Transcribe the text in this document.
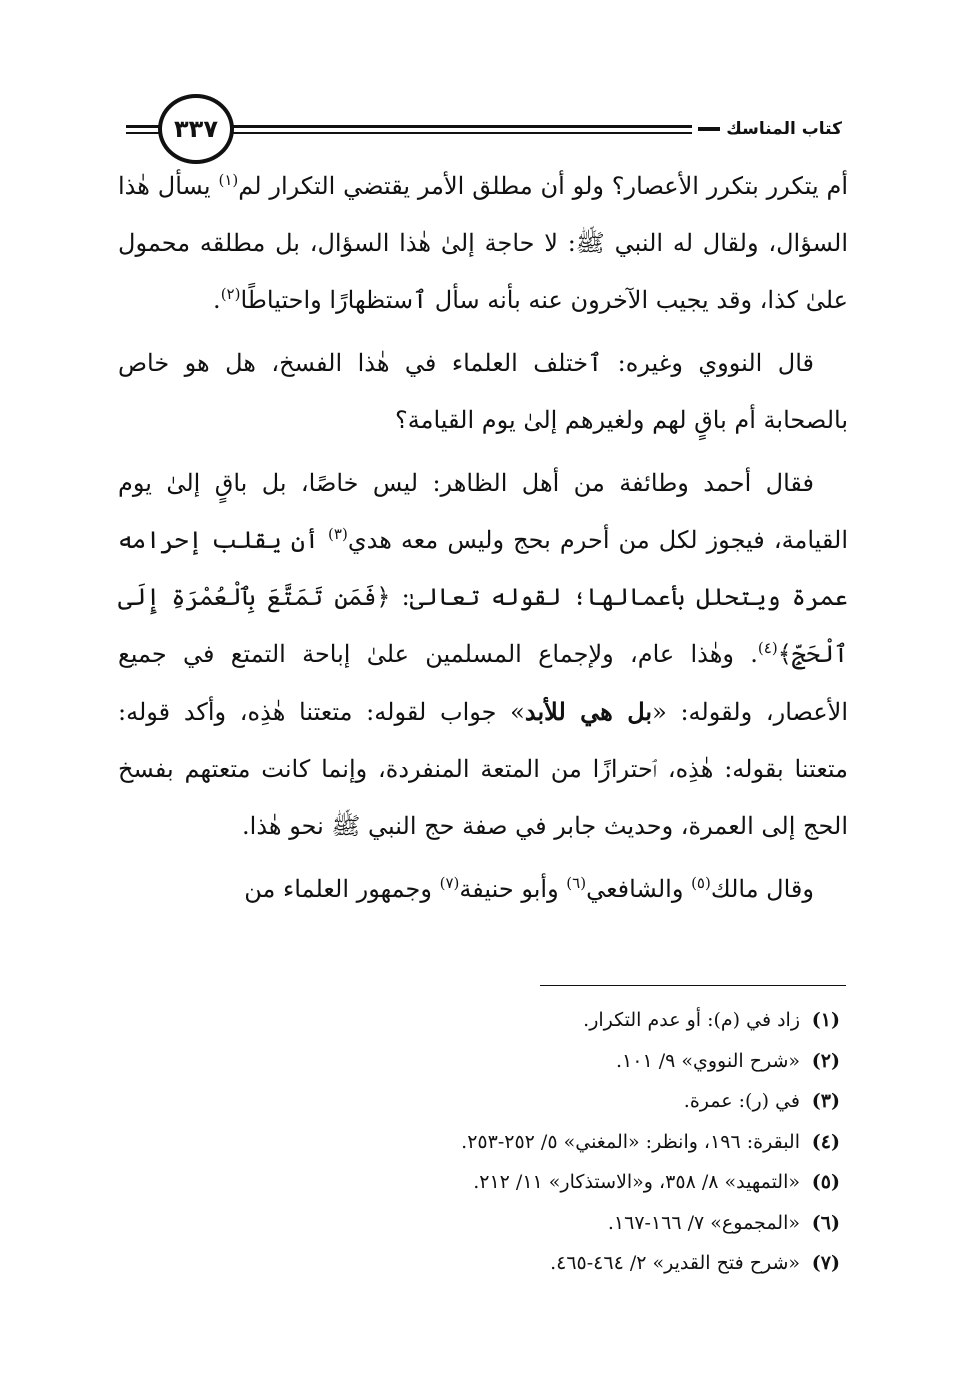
٣٣٧	كتاب المناسك

أم يتكرر بتكرر الأعصار؟ ولو أن مطلق الأمر يقتضي التكرار لم$^{(١)}$ يسأل هٰذا السؤال، ولقال له النبي ﷺ: لا حاجة إلىٰ هٰذا السؤال، بل مطلقه محمول علىٰ كذا، وقد يجيب الآخرون عنه بأنه سأل ٱستظهارًا واحتياطًا$^{(٢)}$.

قال النووي وغيره: ٱختلف العلماء في هٰذا الفسخ، هل هو خاص بالصحابة أم باقٍ لهم ولغيرهم إلىٰ يوم القيامة؟

فقال أحمد وطائفة من أهل الظاهر: ليس خاصًا، بل باقٍ إلىٰ يوم القيامة، فيجوز لكل من أحرم بحج وليس معه هدي$^{(٣)}$ أن يقلب إحرامه عمرة ويتحلل بأعمالها؛ لقوله تعالىٰ: ﴿فَمَن تَمَتَّعَ بِٱلْعُمْرَةِ إِلَى ٱلْحَجِّ﴾$^{(٤)}$. وهٰذا عام، ولإجماع المسلمين علىٰ إباحة التمتع في جميع الأعصار، ولقوله: «بل هي للأبد» جواب لقوله: متعتنا هٰذِه، وأكد قوله: متعتنا بقوله: هٰذِه، ٱحترازًا من المتعة المنفردة، وإنما كانت متعتهم بفسخ الحج إلى العمرة، وحديث جابر في صفة حج النبي ﷺ نحو هٰذا.

وقال مالك$^{(٥)}$ والشافعي$^{(٦)}$ وأبو حنيفة$^{(٧)}$ وجمهور العلماء من

(١)
زاد في (م): أو عدم التكرار.
(٢)
«شرح النووي» ٩/ ١٠١.
(٣)
في (ر): عمرة.
(٤)
البقرة: ١٩٦، وانظر: «المغني» ٥/ ٢٥٢-٢٥٣.
(٥)
«التمهيد» ٨/ ٣٥٨، و«الاستذكار» ١١/ ٢١٢.
(٦)
«المجموع» ٧/ ١٦٦-١٦٧.
(٧)
«شرح فتح القدير» ٢/ ٤٦٤-٤٦٥.
